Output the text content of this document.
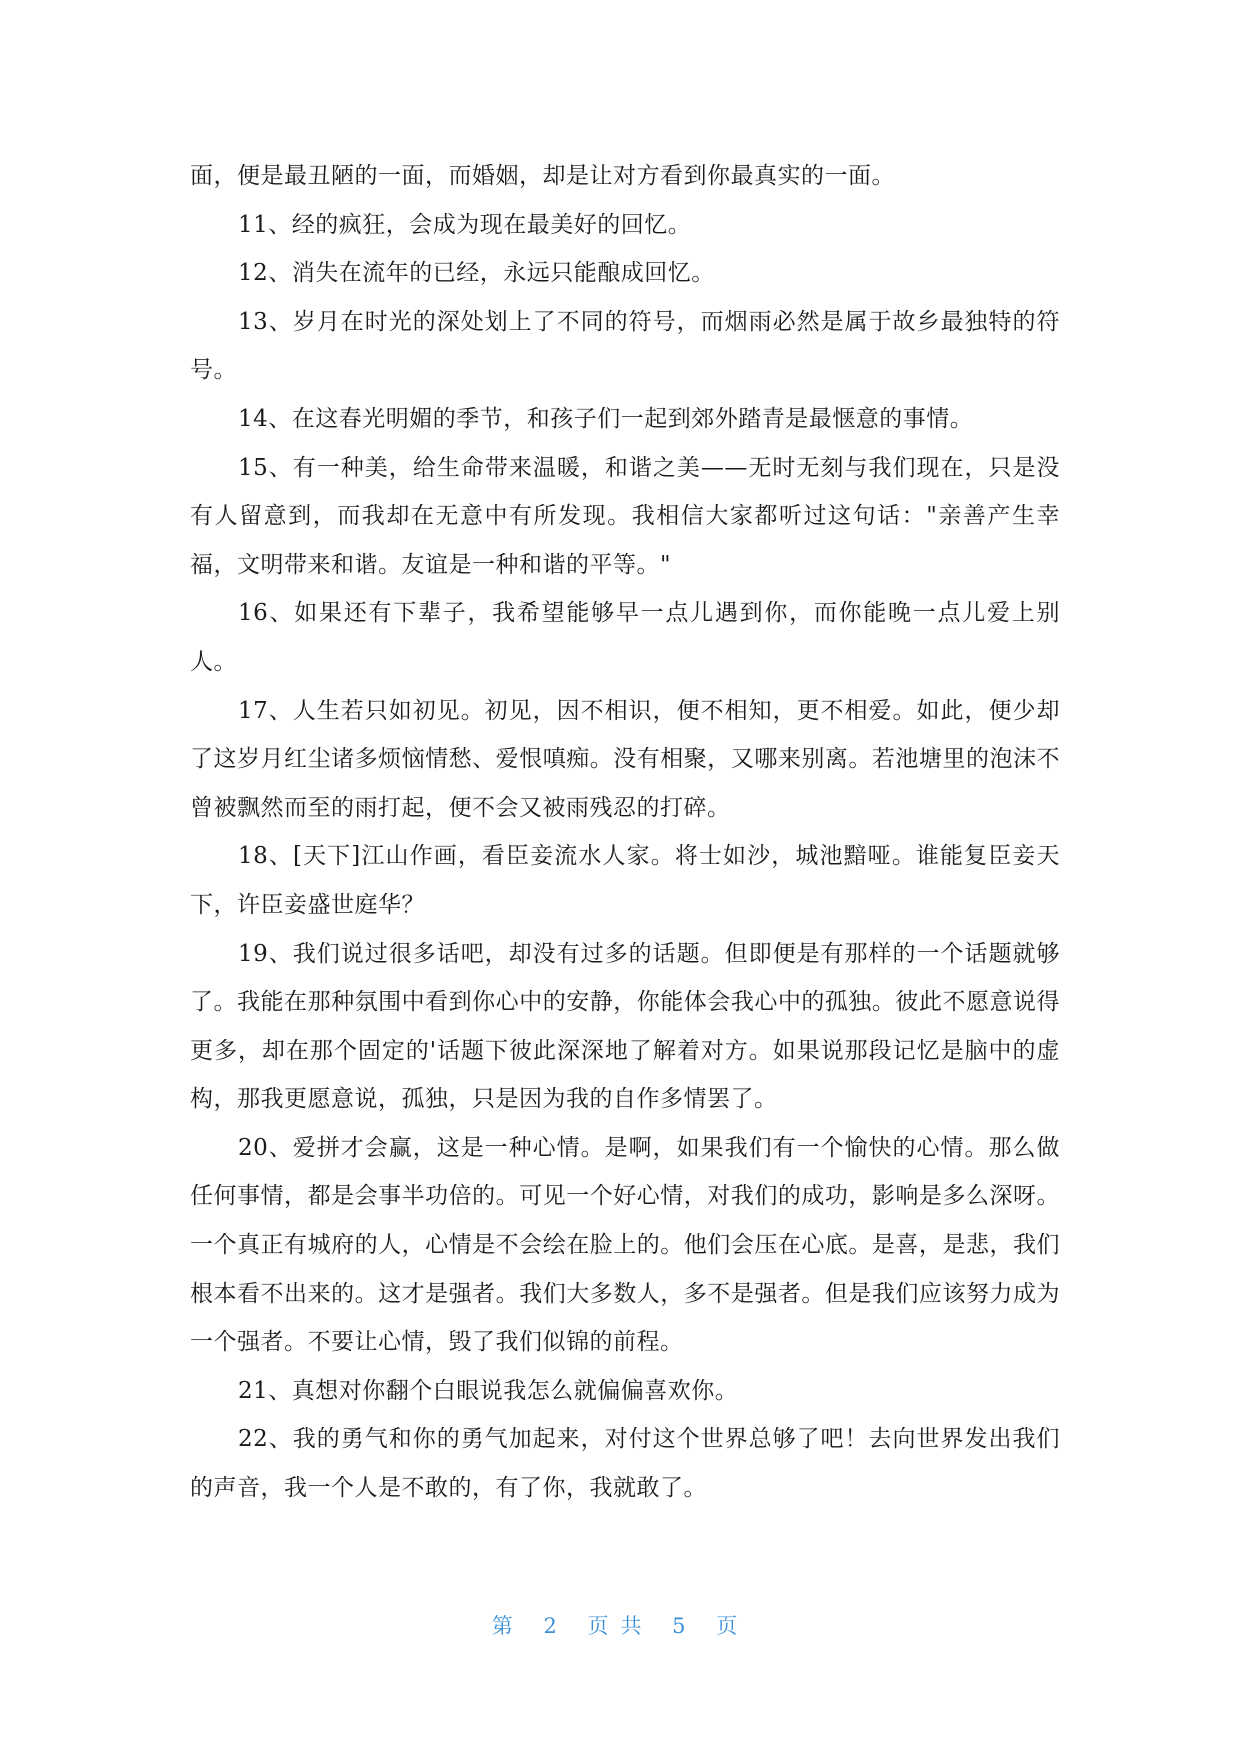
面，便是最丑陋的一面，而婚姻，却是让对方看到你最真实的一面。

11、经的疯狂，会成为现在最美好的回忆。

12、消失在流年的已经，永远只能酿成回忆。

13、岁月在时光的深处划上了不同的符号，而烟雨必然是属于故乡最独特的符号。

14、在这春光明媚的季节，和孩子们一起到郊外踏青是最惬意的事情。

15、有一种美，给生命带来温暖，和谐之美——无时无刻与我们现在，只是没有人留意到，而我却在无意中有所发现。我相信大家都听过这句话："亲善产生幸福，文明带来和谐。友谊是一种和谐的平等。"

16、如果还有下辈子，我希望能够早一点儿遇到你，而你能晚一点儿爱上别人。

17、人生若只如初见。初见，因不相识，便不相知，更不相爱。如此，便少却了这岁月红尘诸多烦恼情愁、爱恨嗔痴。没有相聚，又哪来别离。若池塘里的泡沫不曾被飘然而至的雨打起，便不会又被雨残忍的打碎。

18、[天下]江山作画，看臣妾流水人家。将士如沙，城池黯哑。谁能复臣妾天下，许臣妾盛世庭华？

19、我们说过很多话吧，却没有过多的话题。但即便是有那样的一个话题就够了。我能在那种氛围中看到你心中的安静，你能体会我心中的孤独。彼此不愿意说得更多，却在那个固定的'话题下彼此深深地了解着对方。如果说那段记忆是脑中的虚构，那我更愿意说，孤独，只是因为我的自作多情罢了。

20、爱拼才会赢，这是一种心情。是啊，如果我们有一个愉快的心情。那么做任何事情，都是会事半功倍的。可见一个好心情，对我们的成功，影响是多么深呀。一个真正有城府的人，心情是不会绘在脸上的。他们会压在心底。是喜，是悲，我们根本看不出来的。这才是强者。我们大多数人，多不是强者。但是我们应该努力成为一个强者。不要让心情，毁了我们似锦的前程。

21、真想对你翻个白眼说我怎么就偏偏喜欢你。

22、我的勇气和你的勇气加起来，对付这个世界总够了吧！去向世界发出我们的声音，我一个人是不敢的，有了你，我就敢了。

第 2 页共 5 页
